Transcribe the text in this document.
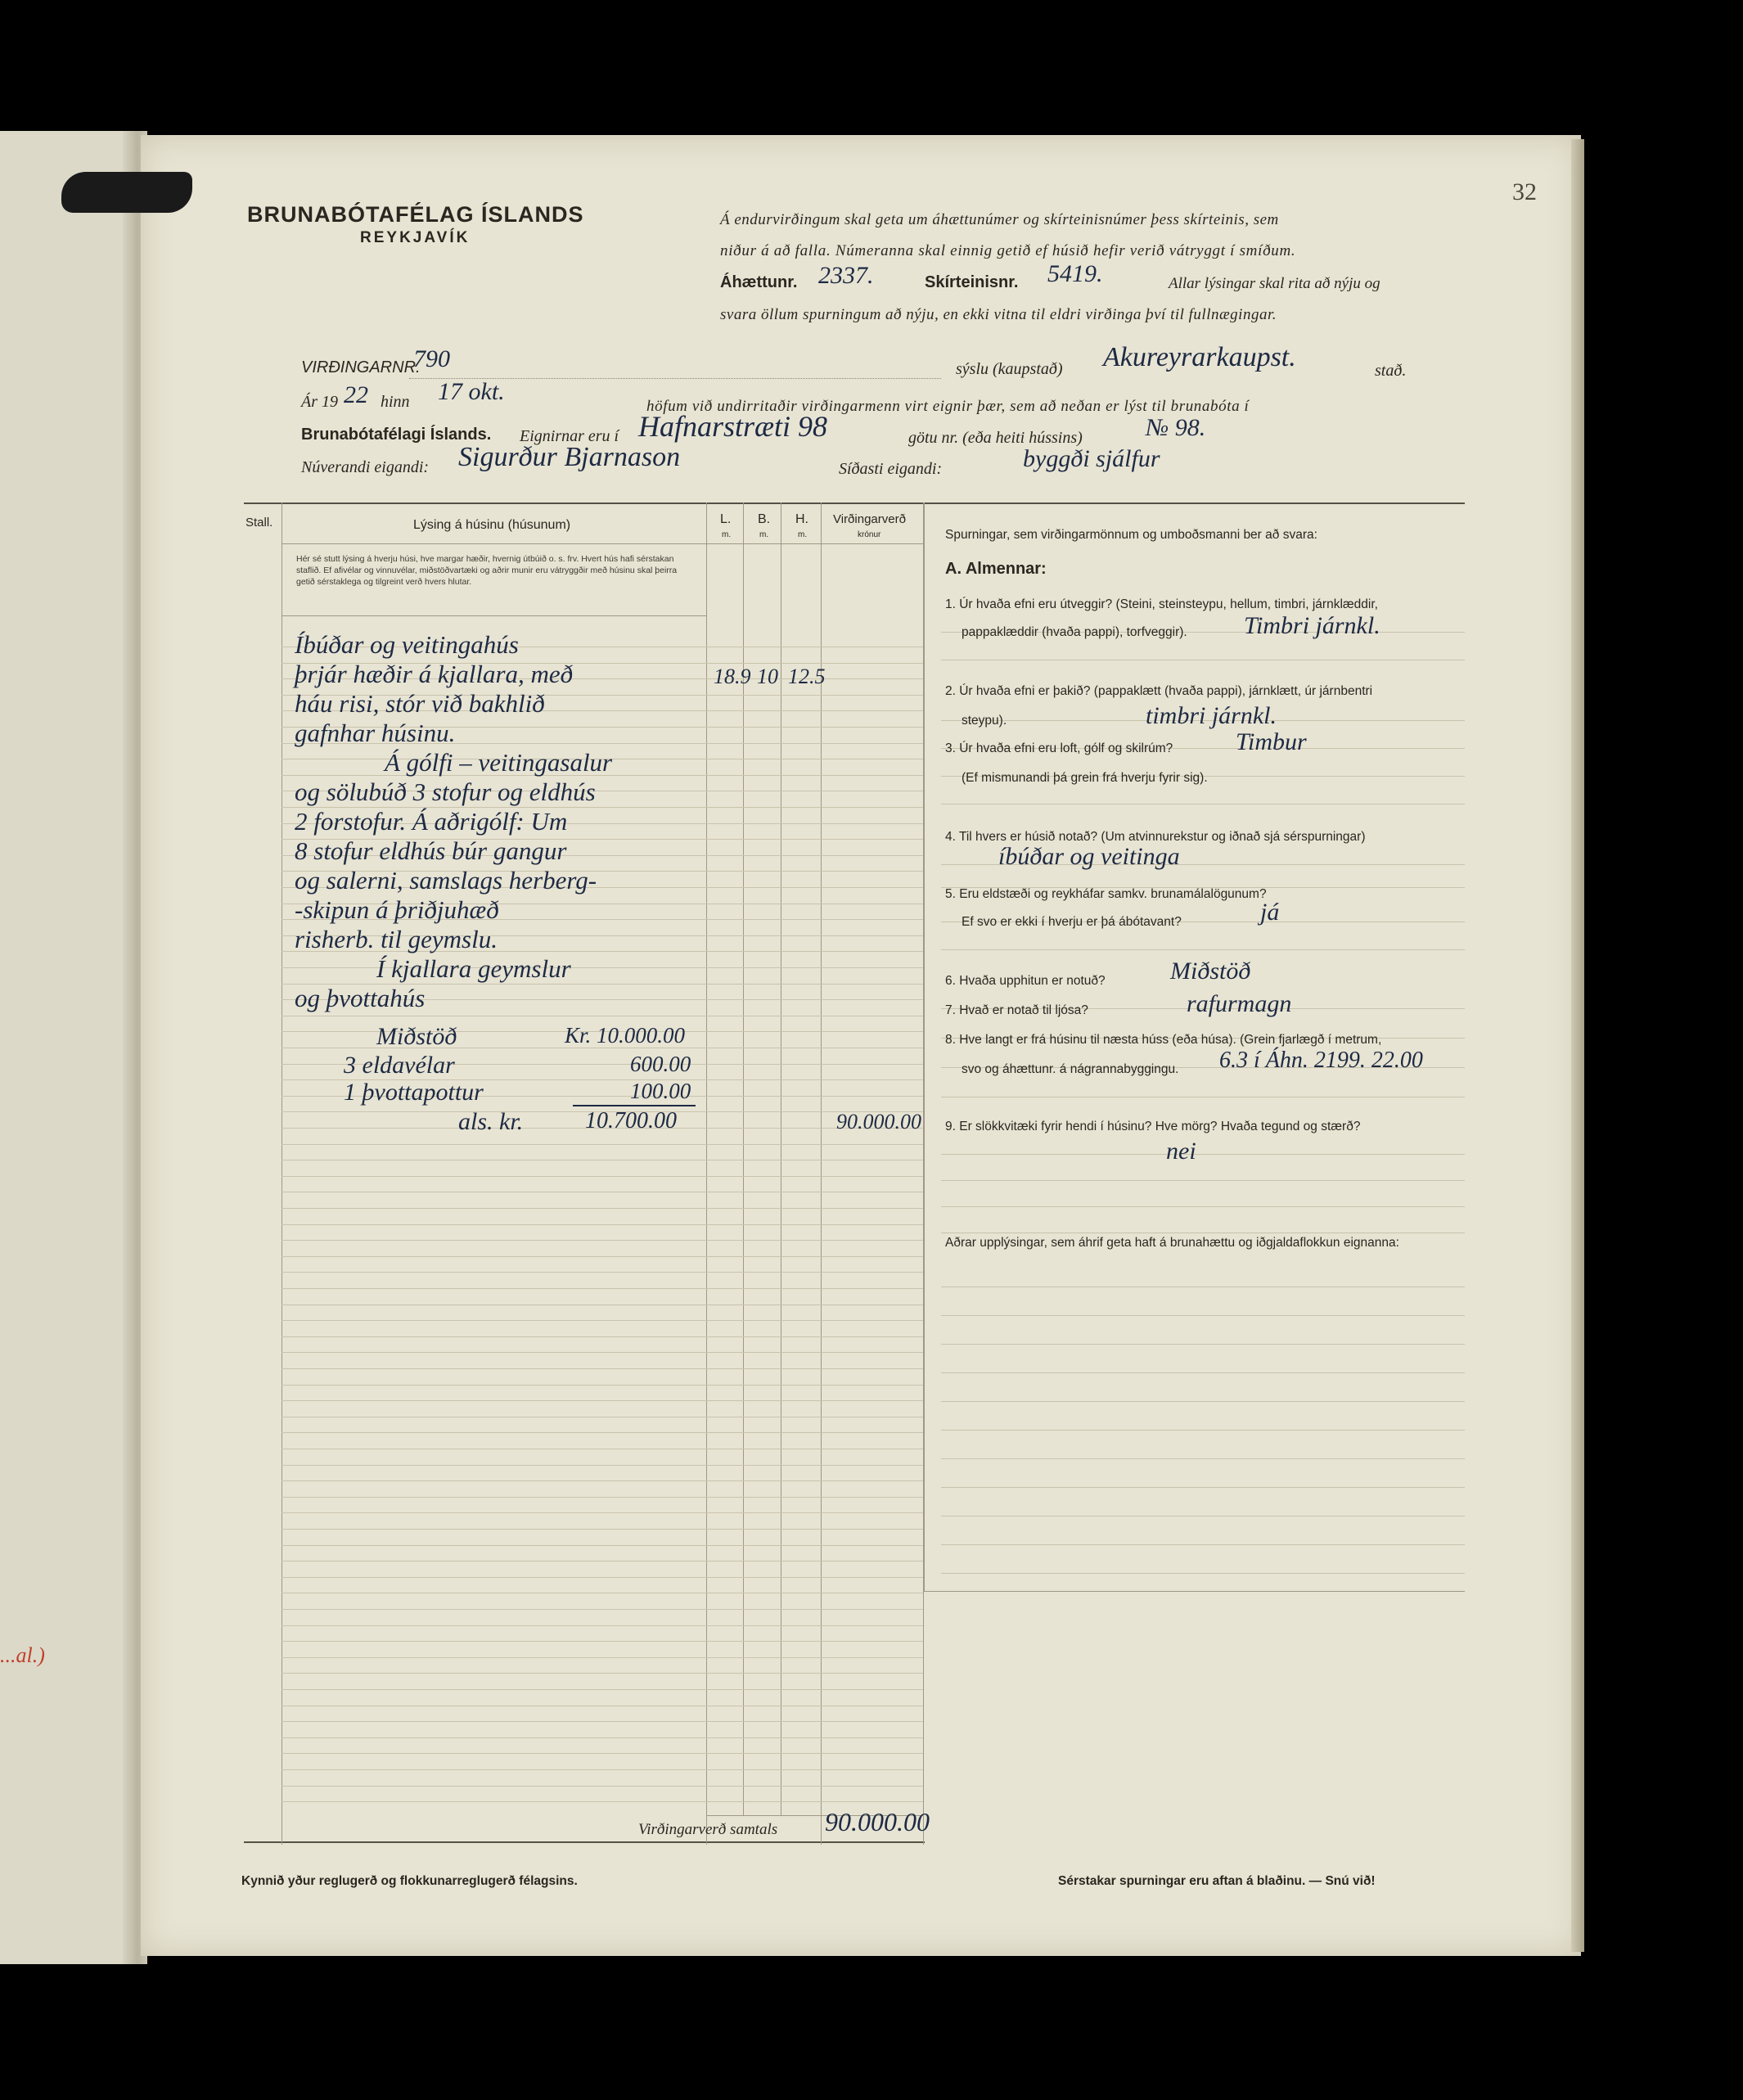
...al.)
32
BRUNABÓTAFÉLAG ÍSLANDS
REYKJAVÍK
Á endurvirðingum skal geta um áhættunúmer og skírteinisnúmer þess skírteinis, sem
niður á að falla. Númeranna skal einnig getið ef húsið hefir verið vátryggt í smíðum.
Áhættunr. 2337.	Skírteinisnr. 5419.	Allar lýsingar skal rita að nýju og
svara öllum spurningum að nýju, en ekki vitna til eldri virðinga því til fullnægingar.
VIRÐINGARNR.
790	sýslu (kaupstað) Akureyrarkaupst.	stað.
Ár 19 22 hinn 17 okt.
höfum við undirritaðir virðingarmenn virt eignir þær, sem að neðan er lýst til brunabóta í
Brunabótafélagi Íslands. Eignirnar eru í Hafnarstræti 98	götu nr. (eða heiti hússins)	№ 98.
Núverandi eigandi: Sigurður Bjarnason	Síðasti eigandi:	byggði sjálfur
Stall.	Lýsing á húsinu (húsunum)	L. B. H.
m.	m.	m.
Virðingarverð
krónur
Hér sé stutt lýsing á hverju húsi, hve margar hæðir, hvernig útbúið o. s. frv. Hvert hús hafi sérstakan staflið. Ef afivélar og vinnuvélar, miðstöðvartæki og aðrir munir eru vátryggðir með húsinu skal þeirra getið sérstaklega og tilgreint verð hvers hlutar.
Íbúðar og veitingahús
þrjár hæðir á kjallara, með
háu risi, stór við bakhlið
gafnhar húsinu.
Á gólfi – veitingasalur
og sölubúð 3 stofur og eldhús
2 forstofur. Á aðrigólf: Um
8 stofur eldhús búr gangur
og salerni, samslags herberg-
-skipun á þriðjuhæð
risherb. til geymslu.
Í kjallara geymslur
og þvottahús
Miðstöð	Kr. 10.000.00
3 eldavélar	600.00
1 þvottapottur	100.00
als. kr.	10.700.00
18.9 10 12.5
90.000.00
Virðingarverð samtals 90.000.00
Spurningar, sem virðingarmönnum og umboðsmanni ber að svara:
A. Almennar:
1. Úr hvaða efni eru útveggir? (Steini, steinsteypu, hellum, timbri, járnklæddir,
pappaklæddir (hvaða pappi), torfveggir). Timbri járnkl.
2. Úr hvaða efni er þakið? (pappaklætt (hvaða pappi), járnklætt, úr járnbentri
steypu).	timbri járnkl.
3. Úr hvaða efni eru loft, gólf og skilrúm?	Timbur
(Ef mismunandi þá grein frá hverju fyrir sig).
4. Til hvers er húsið notað? (Um atvinnurekstur og iðnað sjá sérspurningar)
íbúðar og veitinga
5. Eru eldstæði og reykháfar samkv. brunamálalögunum?
Ef svo er ekki í hverju er þá ábótavant?	já
6. Hvaða upphitun er notuð?	Miðstöð
7. Hvað er notað til ljósa?	rafurmagn
8. Hve langt er frá húsinu til næsta húss (eða húsa). (Grein fjarlægð í metrum,
svo og áhættunr. á nágrannabyggingu. 6.3 í Áhn. 2199. 22.00
9. Er slökkvitæki fyrir hendi í húsinu? Hve mörg? Hvaða tegund og stærð?
nei
Aðrar upplýsingar, sem áhrif geta haft á brunahættu og iðgjaldaflokkun eignanna:
Kynnið yður reglugerð og flokkunarreglugerð félagsins.	Sérstakar spurningar eru aftan á blaðinu. — Snú við!
